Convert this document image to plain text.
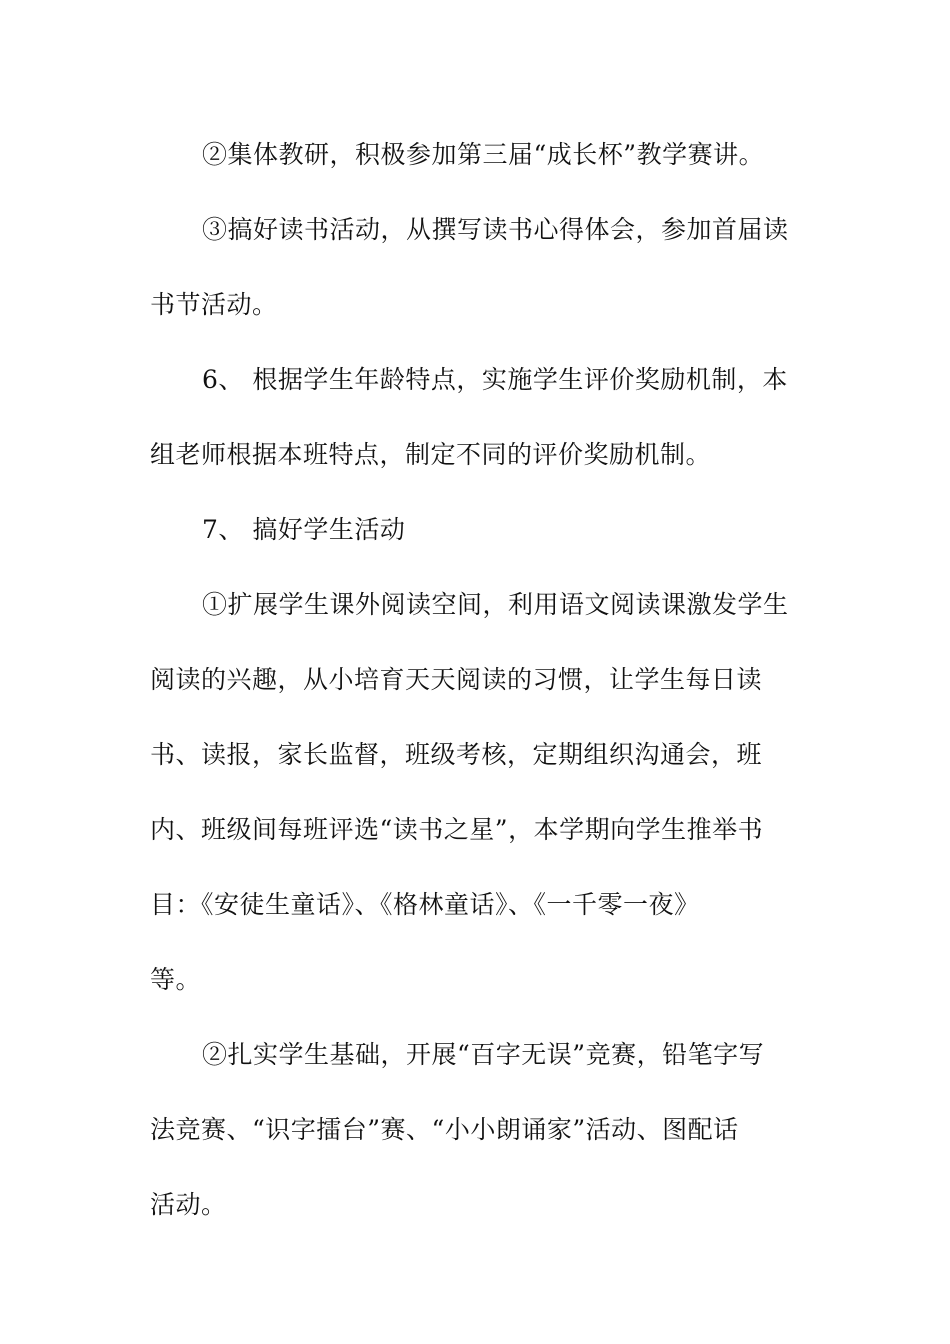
②集体教研，积极参加第三届“成长杯”教学赛讲。
③搞好读书活动，从撰写读书心得体会，参加首届读
书节活动。
6、 根据学生年龄特点，实施学生评价奖励机制，本
组老师根据本班特点，制定不同的评价奖励机制。
7、 搞好学生活动
①扩展学生课外阅读空间，利用语文阅读课激发学生
阅读的兴趣，从小培育天天阅读的习惯，让学生每日读
书、读报，家长监督，班级考核，定期组织沟通会，班
内、班级间每班评选“读书之星”，本学期向学生推举书
目：《安徒生童话》、《格林童话》、《一千零一夜》
等。
②扎实学生基础，开展“百字无误”竞赛，铅笔字写
法竞赛、“识字擂台”赛、“小小朗诵家”活动、图配话
活动。
